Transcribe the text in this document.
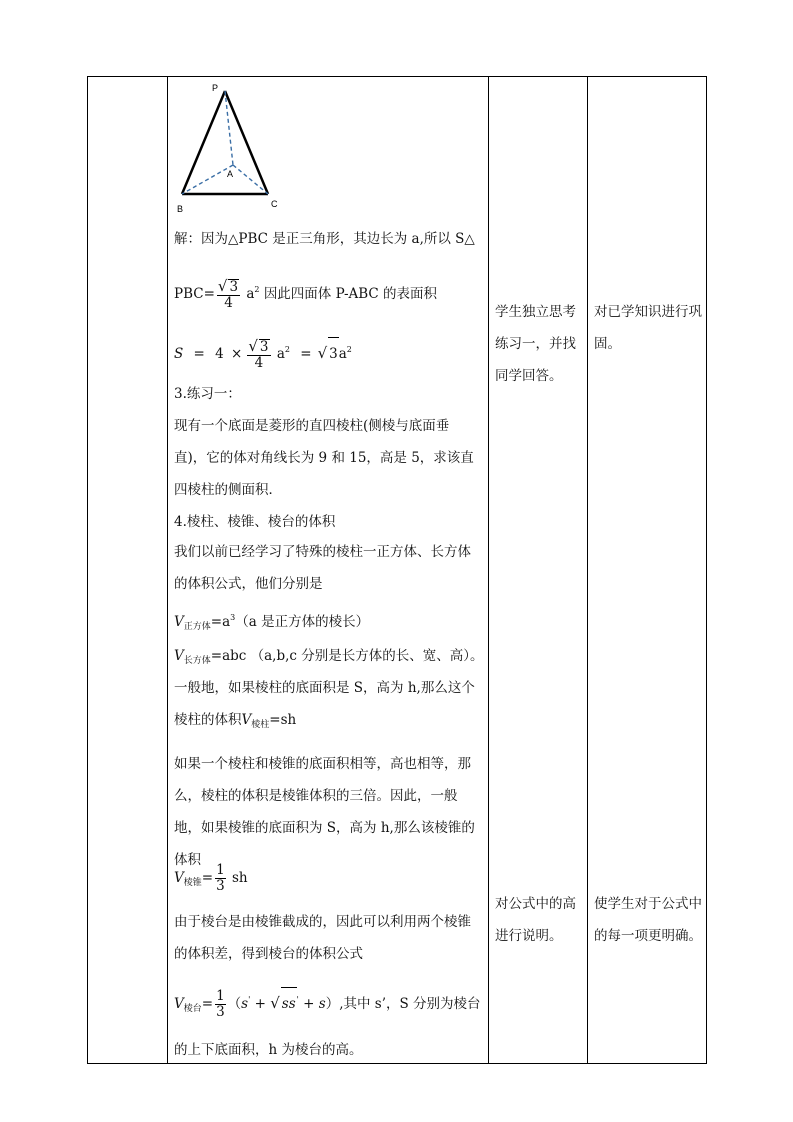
P
A
B	C
解：因为△PBC 是正三角形，其边长为 a,所以 S△
$PBC= \frac{√ 3}{4} a^2$ 因此四面体 P-ABC 的表面积
$S = 4 \times \frac{√ 3}{4} a^2$ = √ $3a^2$
3.练习一：
现有一个底面是菱形的直四棱柱(侧棱与底面垂直)，它的体对角线长为 9 和 15，高是 5，求该直四棱柱的侧面积．
4.棱柱、棱锥、棱台的体积
我们以前已经学习了特殊的棱柱一正方体、长方体的体积公式，他们分别是
$V_{正方体}=a^3(a$ 是正方体的棱长）
$V_{长方体}=abc$ （a,b,c 分别是长方体的长、宽、高）。
一般地，如果棱柱的底面积是 S，高为 h,那么这个棱柱的体积$V_{棱柱}=sh$
如果一个棱柱和棱锥的底面积相等，高也相等，那么，棱柱的体积是棱锥体积的三倍。因此，一般地，如果棱锥的底面积为 S，高为 h,那么该棱锥的体积
$V_{棱锥}= \frac{1}{3}$ sh
由于棱台是由棱锥截成的，因此可以利用两个棱锥的体积差，得到棱台的体积公式
$V_{棱台}= \frac{1}{3} (s'$ + √ ss' + s）,其中 s’，S 分别为棱台
的上下底面积，h 为棱台的高。
学生独立思考练习一，并找同学回答。
对公式中的高进行说明。
对已学知识进行巩固。
使学生对于公式中的每一项更明确。
